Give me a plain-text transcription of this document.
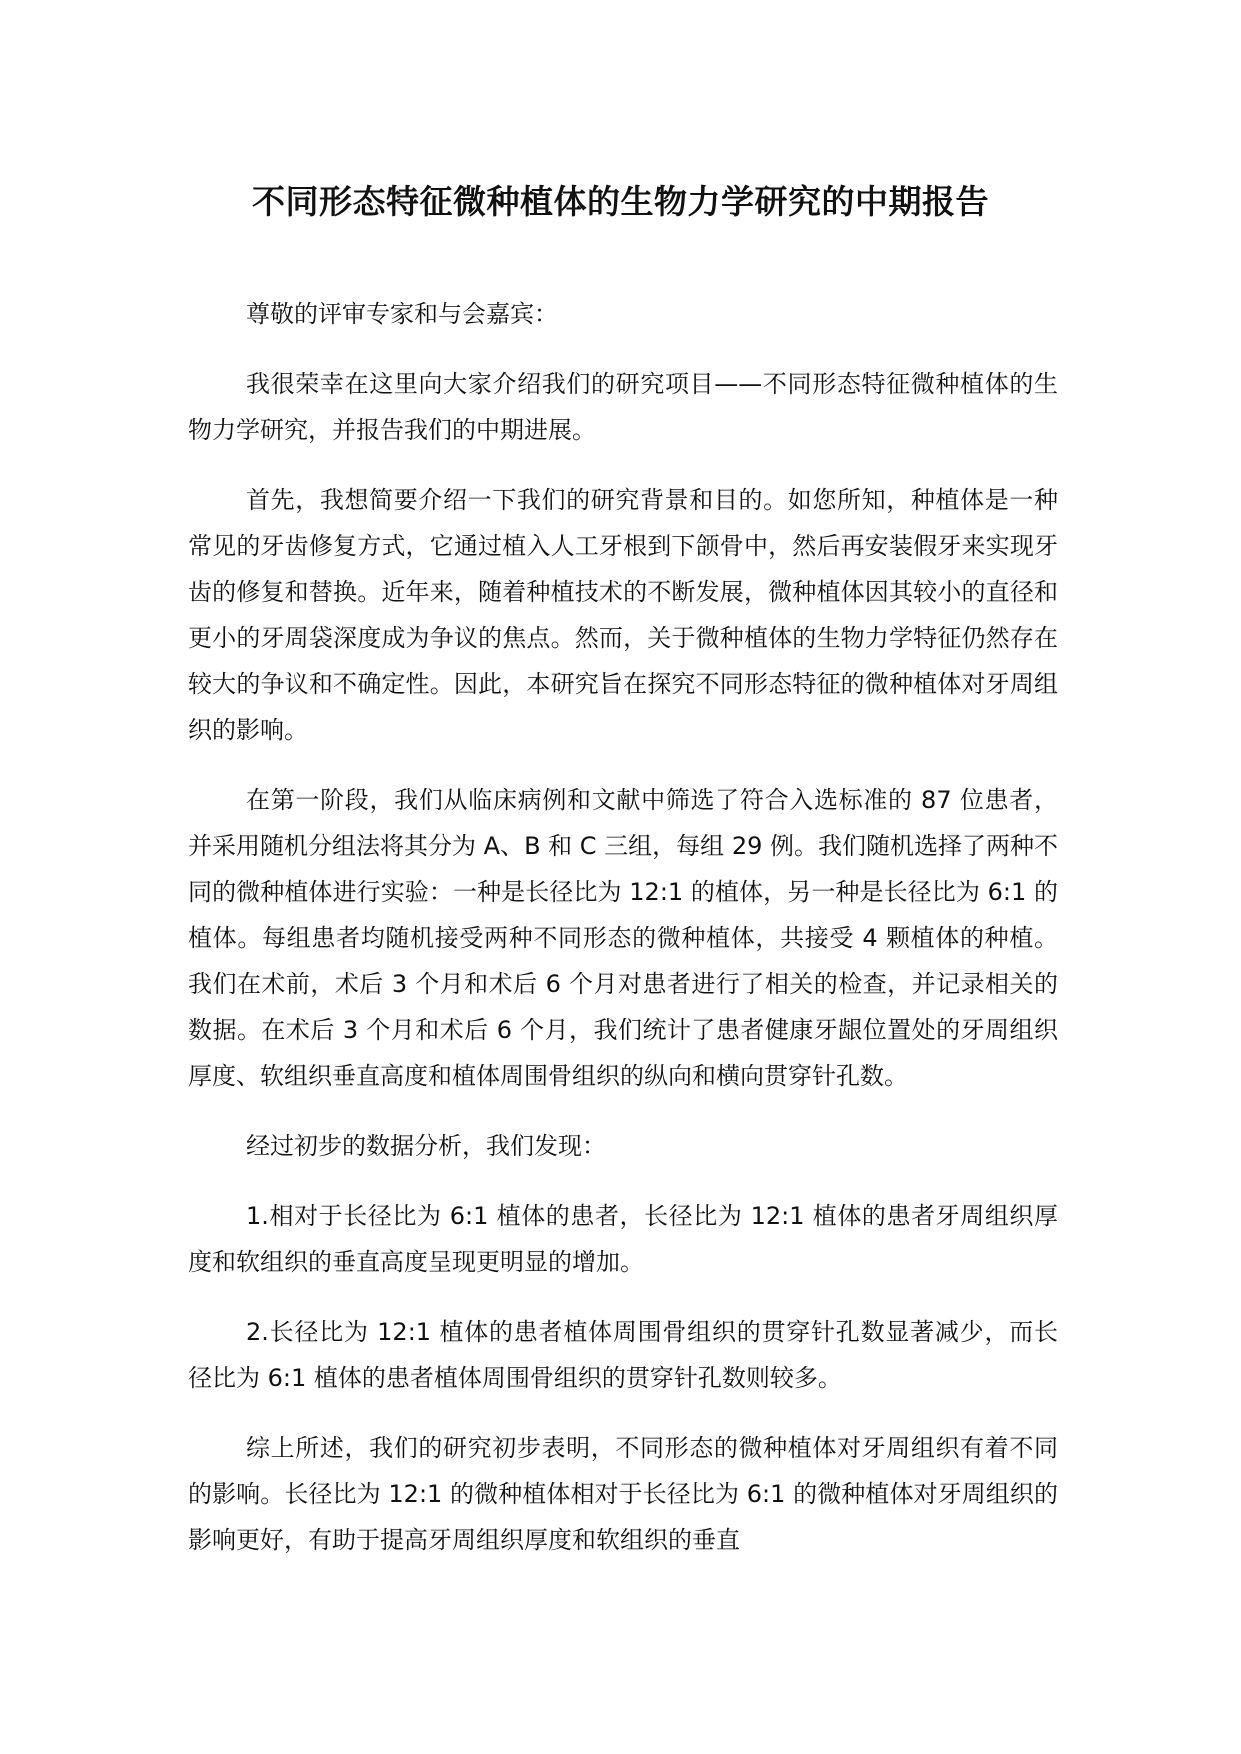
不同形态特征微种植体的生物力学研究的中期报告

尊敬的评审专家和与会嘉宾：

我很荣幸在这里向大家介绍我们的研究项目——不同形态特征微种植体的生物力学研究，并报告我们的中期进展。

首先，我想简要介绍一下我们的研究背景和目的。如您所知，种植体是一种常见的牙齿修复方式，它通过植入人工牙根到下颌骨中，然后再安装假牙来实现牙齿的修复和替换。近年来，随着种植技术的不断发展，微种植体因其较小的直径和更小的牙周袋深度成为争议的焦点。然而，关于微种植体的生物力学特征仍然存在较大的争议和不确定性。因此，本研究旨在探究不同形态特征的微种植体对牙周组织的影响。

在第一阶段，我们从临床病例和文献中筛选了符合入选标准的 87 位患者，并采用随机分组法将其分为 A、B 和 C 三组，每组 29 例。我们随机选择了两种不同的微种植体进行实验：一种是长径比为 12:1 的植体，另一种是长径比为 6:1 的植体。每组患者均随机接受两种不同形态的微种植体，共接受 4 颗植体的种植。我们在术前，术后 3 个月和术后 6 个月对患者进行了相关的检查，并记录相关的数据。在术后 3 个月和术后 6 个月，我们统计了患者健康牙龈位置处的牙周组织厚度、软组织垂直高度和植体周围骨组织的纵向和横向贯穿针孔数。

经过初步的数据分析，我们发现：

1.相对于长径比为 6:1 植体的患者，长径比为 12:1 植体的患者牙周组织厚度和软组织的垂直高度呈现更明显的增加。

2.长径比为 12:1 植体的患者植体周围骨组织的贯穿针孔数显著减少，而长径比为 6:1 植体的患者植体周围骨组织的贯穿针孔数则较多。

综上所述，我们的研究初步表明，不同形态的微种植体对牙周组织有着不同的影响。长径比为 12:1 的微种植体相对于长径比为 6:1 的微种植体对牙周组织的影响更好，有助于提高牙周组织厚度和软组织的垂直
